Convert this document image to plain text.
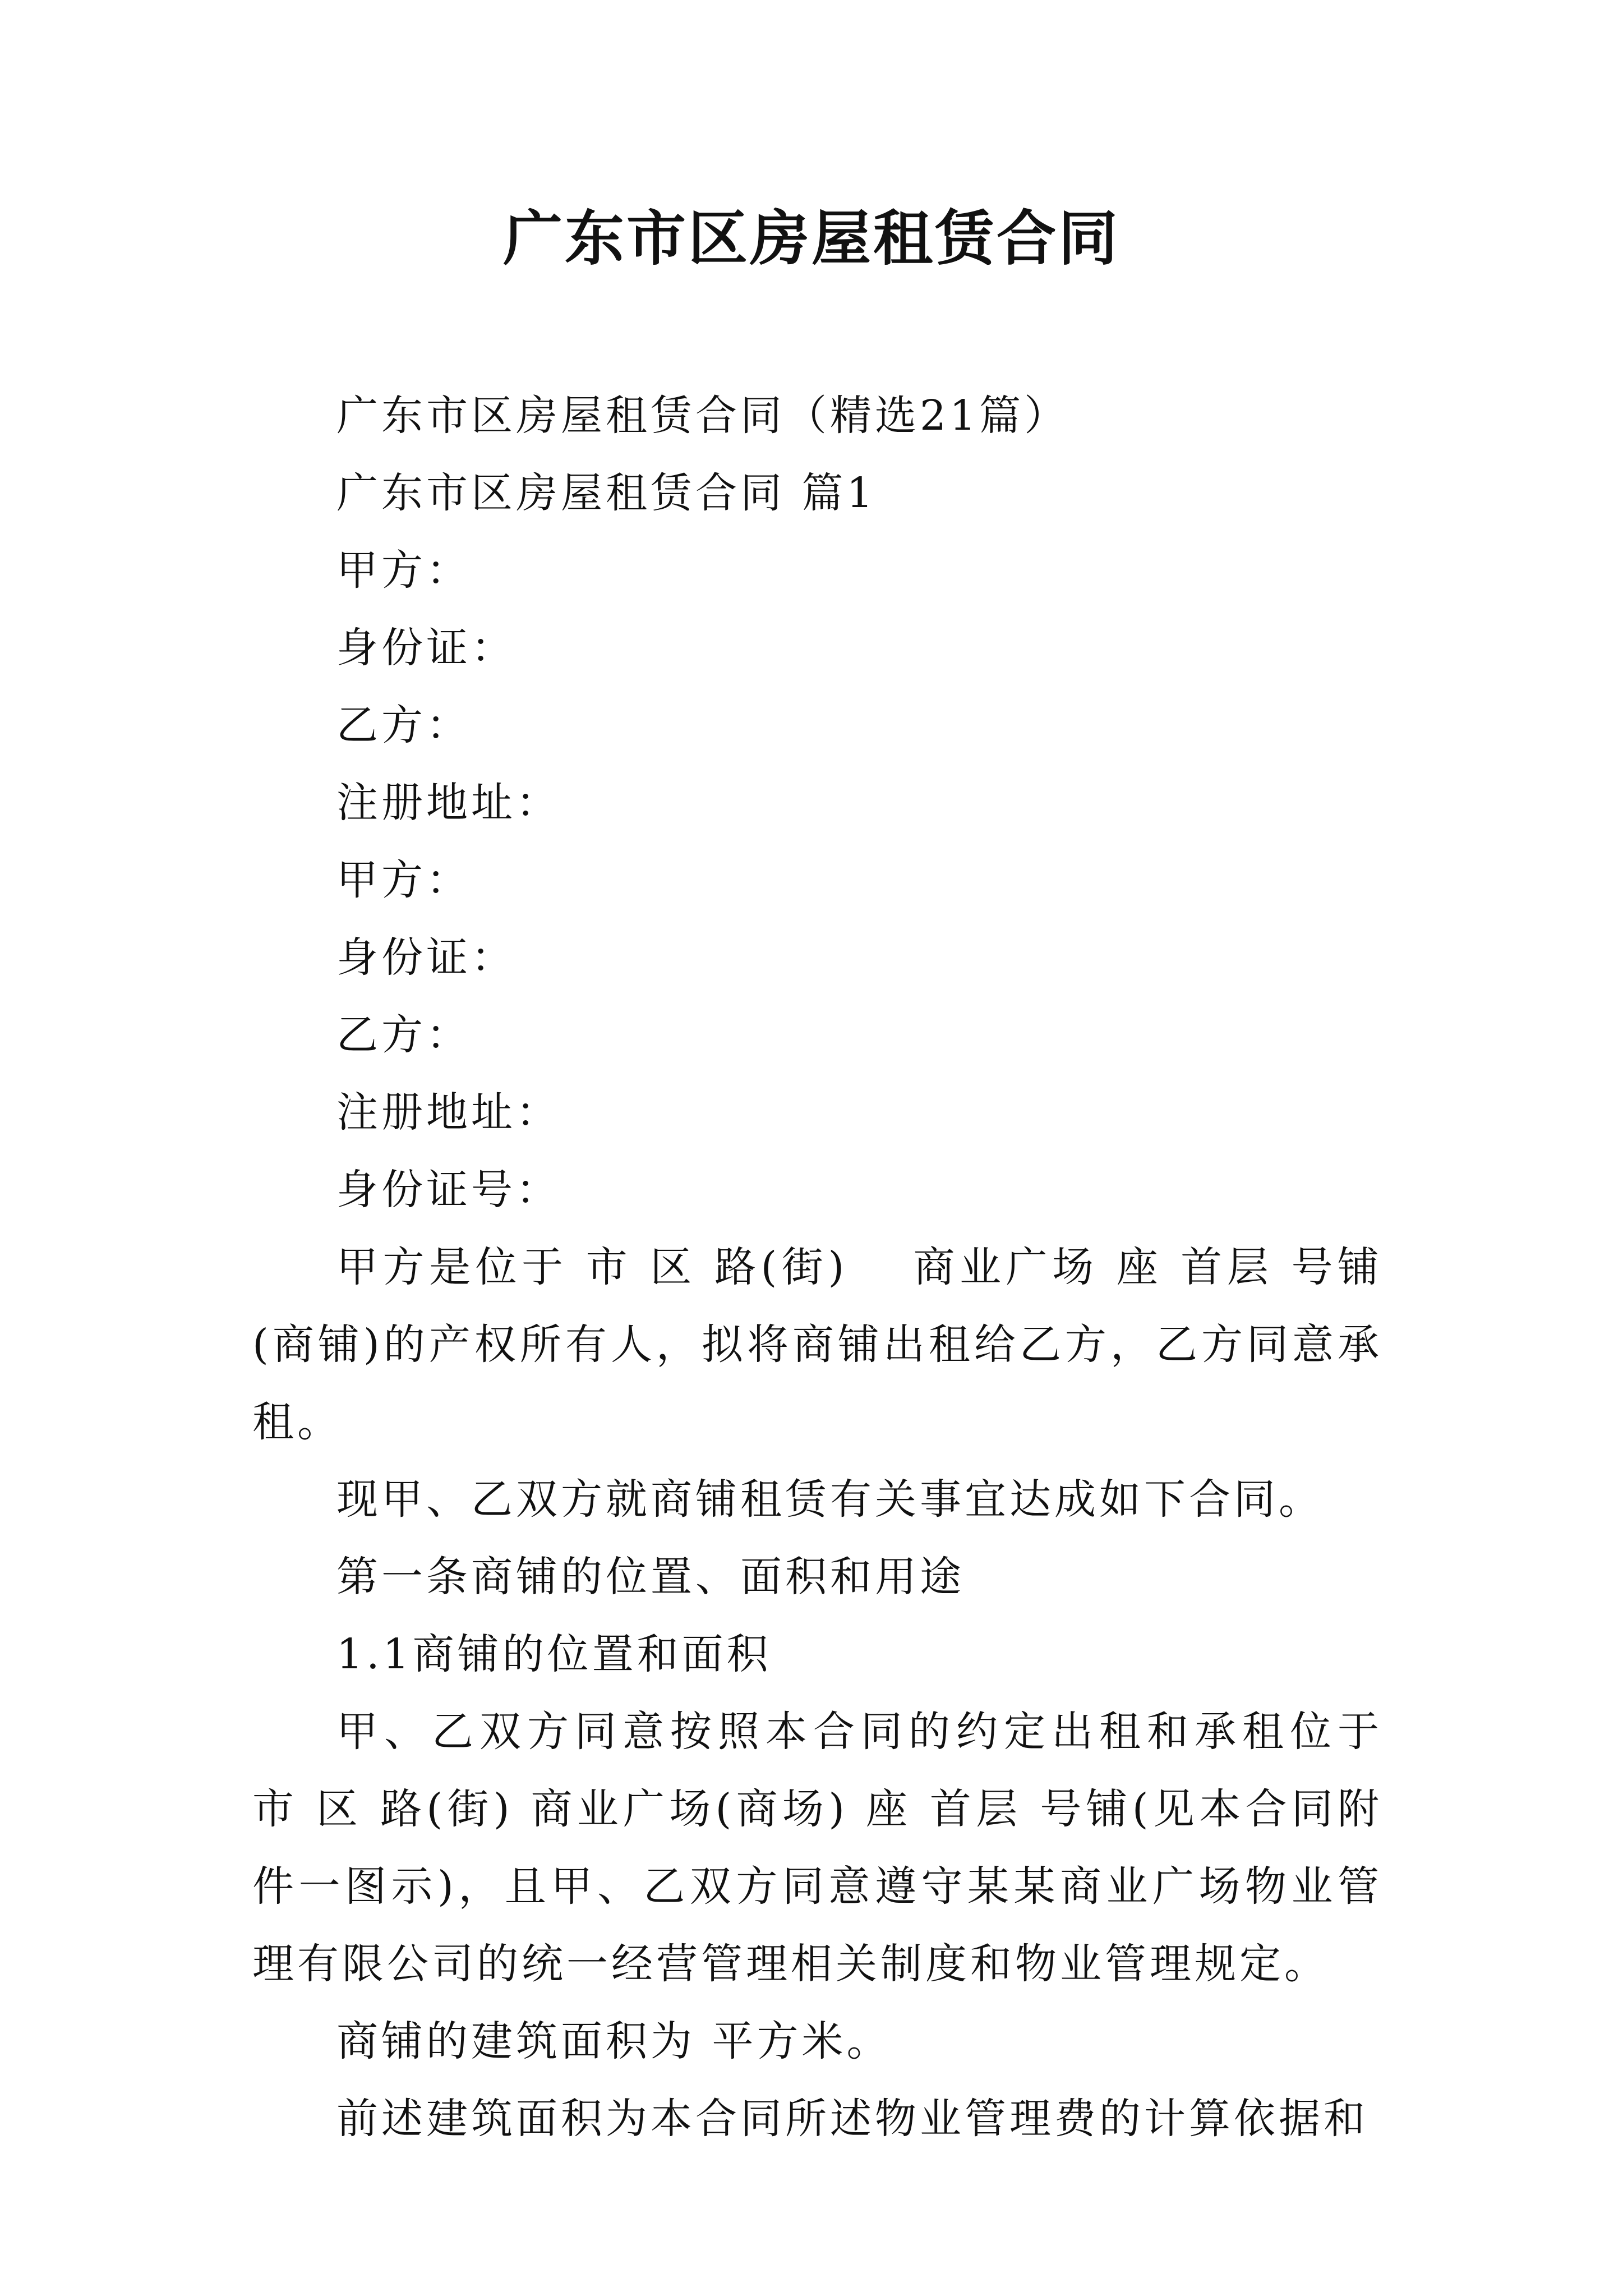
广东市区房屋租赁合同
广东市区房屋租赁合同（精选21篇）
广东市区房屋租赁合同 篇1
甲方：
身份证：
乙方：
注册地址：
甲方：
身份证：
乙方：
注册地址：
身份证号：

甲方是位于 市 区 路(街)　 商业广场 座 首层 号铺(商铺)的产权所有人，拟将商铺出租给乙方，乙方同意承租。

现甲、乙双方就商铺租赁有关事宜达成如下合同。

第一条商铺的位置、面积和用途

1.1商铺的位置和面积

甲、乙双方同意按照本合同的约定出租和承租位于 市 区 路(街) 商业广场(商场) 座 首层 号铺(见本合同附件一图示)，且甲、乙双方同意遵守某某商业广场物业管理有限公司的统一经营管理相关制度和物业管理规定。

商铺的建筑面积为 平方米。

前述建筑面积为本合同所述物业管理费的计算依据和
